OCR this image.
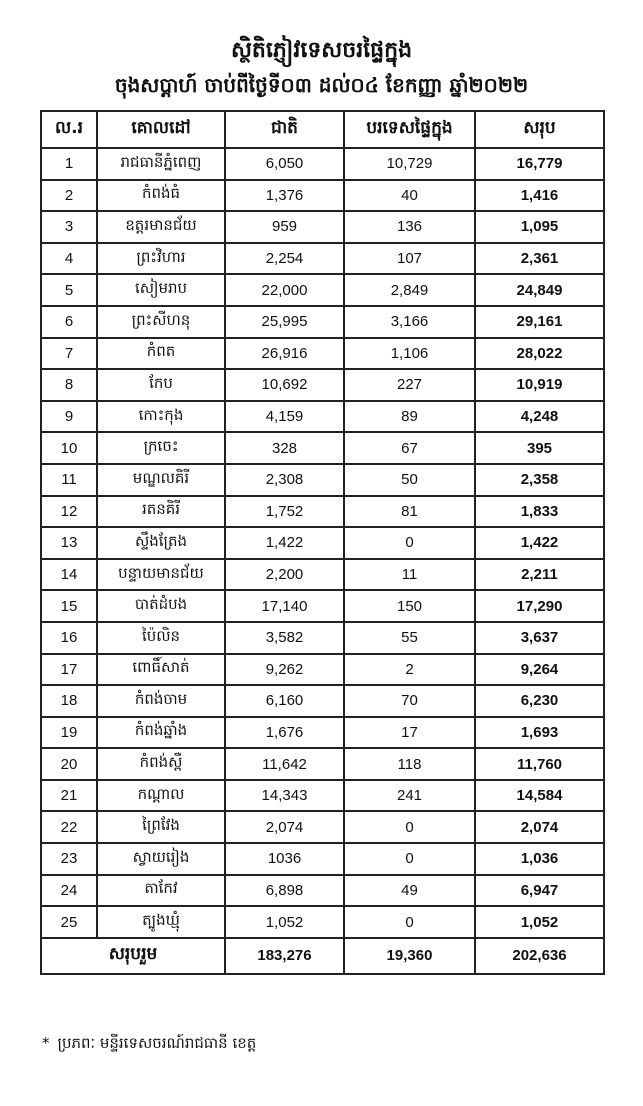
ស្ថិតិភ្ញៀវទេសចរផ្ទៃក្នុង
ចុងសប្ដាហ៍ ចាប់ពីថ្ងៃទី០៣ ដល់០៤ ខែកញ្ញា ឆ្នាំ២០២២
ល.រ	គោលដៅ	ជាតិ	បរទេសផ្ទៃក្នុង	សរុប
1	រាជធានីភ្នំពេញ	6,050	10,729	16,779
2	កំពង់ធំ	1,376	40	1,416
3	ឧត្តរមានជ័យ	959	136	1,095
4	ព្រះវិហារ	2,254	107	2,361
5	សៀមរាប	22,000	2,849	24,849
6	ព្រះសីហនុ	25,995	3,166	29,161
7	កំពត	26,916	1,106	28,022
8	កែប	10,692	227	10,919
9	កោះកុង	4,159	89	4,248
10	ក្រចេះ	328	67	395
11	មណ្ឌលគិរី	2,308	50	2,358
12	រតនគិរី	1,752	81	1,833
13	ស្ទឹងត្រែង	1,422	0	1,422
14	បន្ទាយមានជ័យ	2,200	11	2,211
15	បាត់ដំបង	17,140	150	17,290
16	ប៉ៃលិន	3,582	55	3,637
17	ពោធិ៍សាត់	9,262	2	9,264
18	កំពង់ចាម	6,160	70	6,230
19	កំពង់ឆ្នាំង	1,676	17	1,693
20	កំពង់ស្ពឺ	11,642	118	11,760
21	កណ្ដាល	14,343	241	14,584
22	ព្រៃវែង	2,074	0	2,074
23	ស្វាយរៀង	1036	0	1,036
24	តាកែវ	6,898	49	6,947
25	ត្បូងឃ្មុំ	1,052	0	1,052
សរុបរួម		183,276	19,360	202,636
* ប្រភពៈ មន្ទីរទេសចរណ៍រាជធានី ខេត្ត
